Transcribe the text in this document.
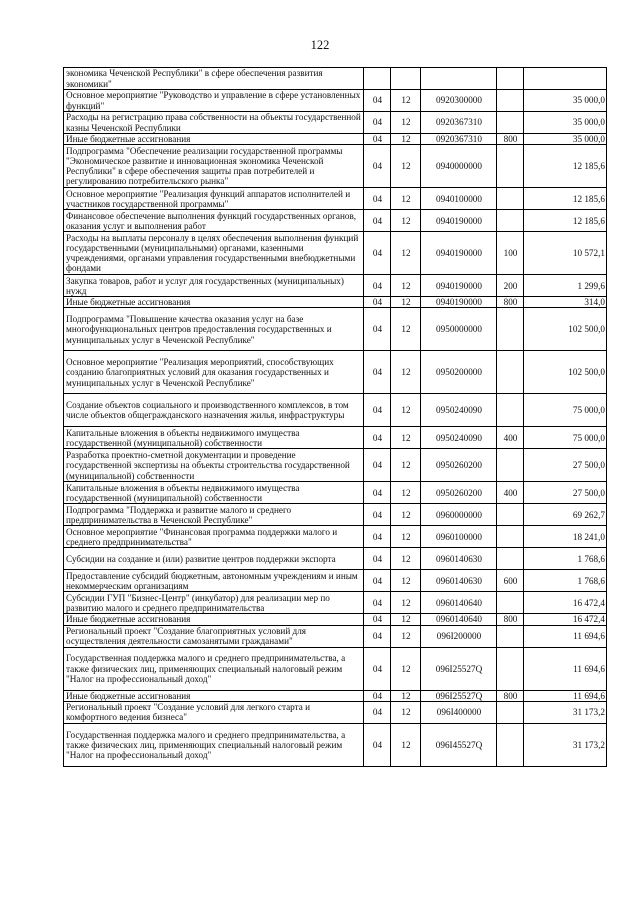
122
экономика Чеченской Республики" в сфере обеспечения развития экономики"					
Основное мероприятие "Руководство и управление в сфере установленных функций"	04	12	0920300000		35 000,0
Расходы на регистрацию права собственности на объекты государственной казны Чеченской Республики	04	12	0920367310		35 000,0
Иные бюджетные ассигнования	04	12	0920367310	800	35 000,0
Подпрограмма "Обеспечение реализации государственной программы "Экономическое развитие и инновационная экономика Чеченской Республики" в сфере обеспечения защиты прав потребителей и регулированию потребительского рынка"	04	12	0940000000		12 185,6
Основное мероприятие "Реализация функций аппаратов исполнителей и участников государственной программы"	04	12	0940100000		12 185,6
Финансовое обеспечение выполнения функций государственных органов, оказания услуг и выполнения работ	04	12	0940190000		12 185,6
Расходы на выплаты персоналу в целях обеспечения выполнения функций государственными (муниципальными) органами, казенными учреждениями, органами управления государственными внебюджетными фондами	04	12	0940190000	100	10 572,1
Закупка товаров, работ и услуг для государственных (муниципальных) нужд	04	12	0940190000	200	1 299,6
Иные бюджетные ассигнования	04	12	0940190000	800	314,0
Подпрограмма "Повышение качества оказания услуг на базе многофункциональных центров предоставления государственных и муниципальных услуг в Чеченской Республике"	04	12	0950000000		102 500,0
Основное мероприятие "Реализация мероприятий, способствующих созданию благоприятных условий для оказания государственных и муниципальных услуг в Чеченской Республике"	04	12	0950200000		102 500,0
Создание объектов социального и производственного комплексов, в том числе объектов общегражданского назначения жилья, инфраструктуры	04	12	0950240090		75 000,0
Капитальные вложения в объекты недвижимого имущества государственной (муниципальной) собственности	04	12	0950240090	400	75 000,0
Разработка проектно-сметной документации и проведение государственной экспертизы на объекты строительства государственной (муниципальной) собственности	04	12	0950260200		27 500,0
Капитальные вложения в объекты недвижимого имущества государственной (муниципальной) собственности	04	12	0950260200	400	27 500,0
Подпрограмма "Поддержка и развитие малого и среднего предпринимательства в Чеченской Республике"	04	12	0960000000		69 262,7
Основное мероприятие "Финансовая программа поддержки малого и среднего предпринимательства"	04	12	0960100000		18 241,0
Субсидии на создание и (или) развитие центров поддержки экспорта	04	12	0960140630		1 768,6
Предоставление субсидий бюджетным, автономным учреждениям и иным некоммерческим организациям	04	12	0960140630	600	1 768,6
Субсидии ГУП "Бизнес-Центр" (инкубатор) для реализации мер по развитию малого и среднего предпринимательства	04	12	0960140640		16 472,4
Иные бюджетные ассигнования	04	12	0960140640	800	16 472,4
Региональный проект "Создание благоприятных условий для осуществления деятельности самозанятыми гражданами"	04	12	096I200000		11 694,6
Государственная поддержка малого и среднего предпринимательства, а также физических лиц, применяющих специальный налоговый режим "Налог на профессиональный доход"	04	12	096I25527Q		11 694,6
Иные бюджетные ассигнования	04	12	096I25527Q	800	11 694,6
Региональный проект "Создание условий для легкого старта и комфортного ведения бизнеса"	04	12	096I400000		31 173,2
Государственная поддержка малого и среднего предпринимательства, а также физических лиц, применяющих специальный налоговый режим "Налог на профессиональный доход"	04	12	096I45527Q		31 173,2
